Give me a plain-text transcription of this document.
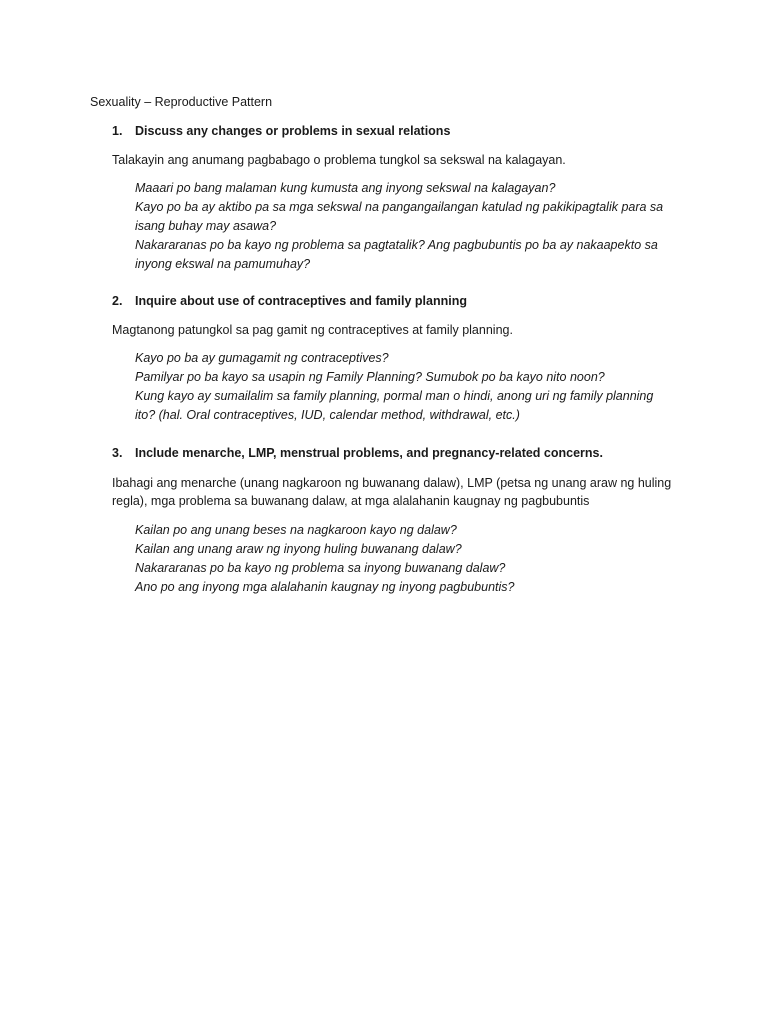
Sexuality – Reproductive Pattern
1. Discuss any changes or problems in sexual relations
Talakayin ang anumang pagbabago o problema tungkol sa sekswal na kalagayan.
Maaari po bang malaman kung kumusta ang inyong sekswal na kalagayan?
Kayo po ba ay aktibo pa sa mga sekswal na pangangailangan katulad ng pakikipagtalik para sa isang buhay may asawa?
Nakararanas po ba kayo ng problema sa pagtatalik? Ang pagbubuntis po ba ay nakaapekto sa inyong ekswal na pamumuhay?
2. Inquire about use of contraceptives and family planning
Magtanong patungkol sa pag gamit ng contraceptives at family planning.
Kayo po ba ay gumagamit ng contraceptives?
Pamilyar po ba kayo sa usapin ng Family Planning? Sumubok po ba kayo nito noon?
Kung kayo ay sumailalim sa family planning, pormal man o hindi, anong uri ng family planning ito? (hal. Oral contraceptives, IUD, calendar method, withdrawal, etc.)
3. Include menarche, LMP, menstrual problems, and pregnancy-related concerns.
Ibahagi ang menarche (unang nagkaroon ng buwanang dalaw), LMP (petsa ng unang araw ng huling regla), mga problema sa buwanang dalaw, at mga alalahanin kaugnay ng pagbubuntis
Kailan po ang unang beses na nagkaroon kayo ng dalaw?
Kailan ang unang araw ng inyong huling buwanang dalaw?
Nakararanas po ba kayo ng problema sa inyong buwanang dalaw?
Ano po ang inyong mga alalahanin kaugnay ng inyong pagbubuntis?
